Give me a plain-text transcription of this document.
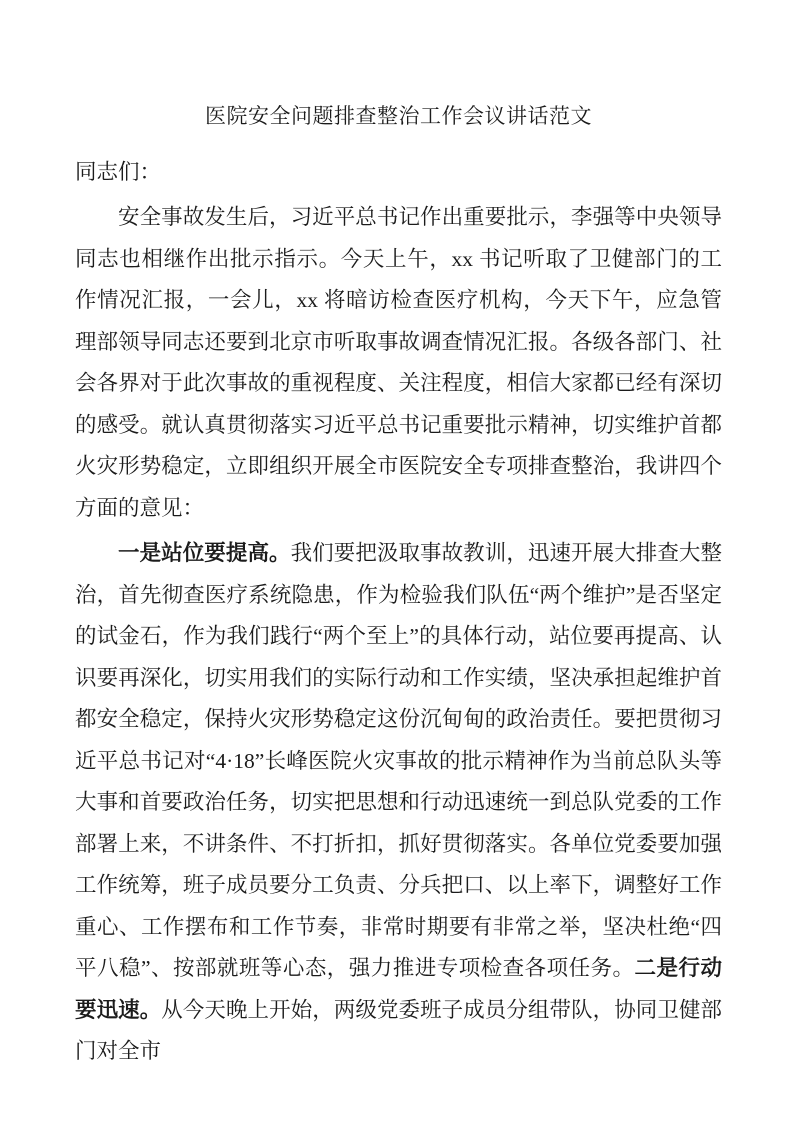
医院安全问题排查整治工作会议讲话范文

同志们：

安全事故发生后，习近平总书记作出重要批示，李强等中央领导同志也相继作出批示指示。今天上午，xx 书记听取了卫健部门的工作情况汇报，一会儿，xx 将暗访检查医疗机构，今天下午，应急管理部领导同志还要到北京市听取事故调查情况汇报。各级各部门、社会各界对于此次事故的重视程度、关注程度，相信大家都已经有深切的感受。就认真贯彻落实习近平总书记重要批示精神，切实维护首都火灾形势稳定，立即组织开展全市医院安全专项排查整治，我讲四个方面的意见：

一是站位要提高。我们要把汲取事故教训，迅速开展大排查大整治，首先彻查医疗系统隐患，作为检验我们队伍“两个维护”是否坚定的试金石，作为我们践行“两个至上”的具体行动，站位要再提高、认识要再深化，切实用我们的实际行动和工作实绩，坚决承担起维护首都安全稳定，保持火灾形势稳定这份沉甸甸的政治责任。要把贯彻习近平总书记对“4·18”长峰医院火灾事故的批示精神作为当前总队头等大事和首要政治任务，切实把思想和行动迅速统一到总队党委的工作部署上来，不讲条件、不打折扣，抓好贯彻落实。各单位党委要加强工作统筹，班子成员要分工负责、分兵把口、以上率下，调整好工作重心、工作摆布和工作节奏，非常时期要有非常之举，坚决杜绝“四平八稳”、按部就班等心态，强力推进专项检查各项任务。二是行动要迅速。从今天晚上开始，两级党委班子成员分组带队，协同卫健部门对全市
